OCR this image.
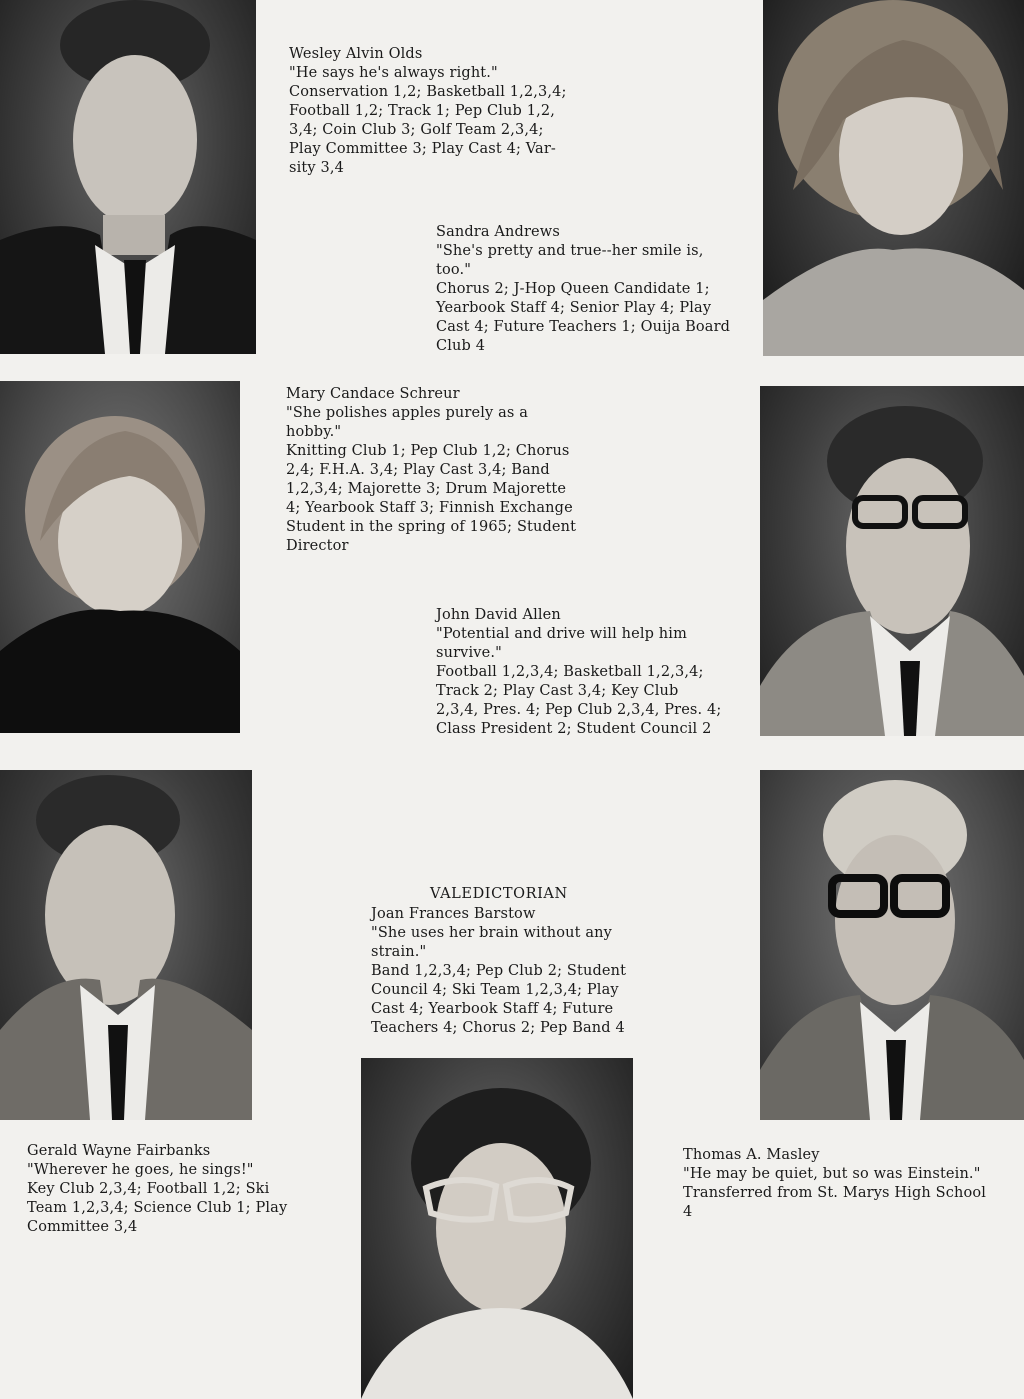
Wesley Alvin Olds
"He says he's always right."
Conservation 1,2; Basketball 1,2,3,4;
Football 1,2; Track 1; Pep Club 1,2,
3,4; Coin Club 3; Golf Team 2,3,4;
Play Committee 3; Play Cast 4; Var-
sity 3,4
Sandra Andrews
"She's pretty and true--her smile is,
too."
Chorus 2; J-Hop Queen Candidate 1;
Yearbook Staff 4; Senior Play 4; Play
Cast 4; Future Teachers 1; Ouija Board
Club 4
Mary Candace Schreur
"She polishes apples purely as a
hobby."
Knitting Club 1; Pep Club 1,2; Chorus
2,4; F.H.A. 3,4; Play Cast 3,4; Band
1,2,3,4; Majorette 3; Drum Majorette
4; Yearbook Staff 3; Finnish Exchange
Student in the spring of 1965; Student
Director
John David Allen
"Potential and drive will help him
survive."
Football 1,2,3,4; Basketball 1,2,3,4;
Track 2; Play Cast 3,4; Key Club
2,3,4, Pres. 4; Pep Club 2,3,4, Pres. 4;
Class President 2; Student Council 2
VALEDICTORIAN
Joan Frances Barstow
"She uses her brain without any
strain."
Band 1,2,3,4; Pep Club 2; Student
Council 4; Ski Team 1,2,3,4; Play
Cast 4; Yearbook Staff 4; Future
Teachers 4; Chorus 2; Pep Band 4
Gerald Wayne Fairbanks
"Wherever he goes, he sings!"
Key Club 2,3,4; Football 1,2; Ski
Team 1,2,3,4; Science Club 1; Play
Committee 3,4
Thomas A. Masley
"He may be quiet, but so was Einstein."
Transferred from St. Marys High School
4
